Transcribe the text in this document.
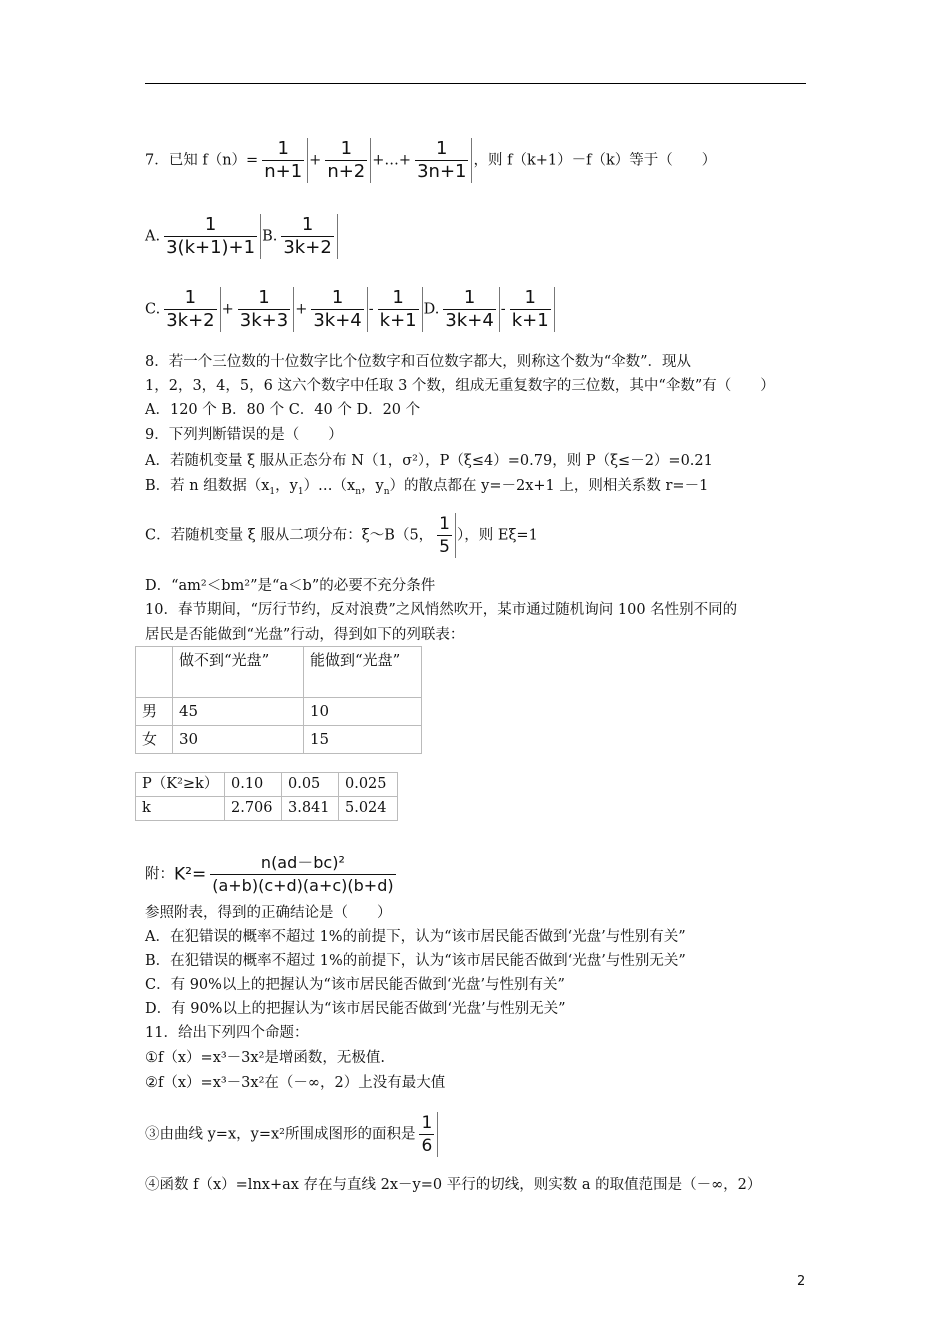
7．已知 $f(n)= \frac{1}{n+1} + \frac{1}{n+2}$ +…+ $\frac{1}{3n+1}$ ，则 f（k+1）－f（k）等于（　　）
A. $\frac{1}{3(k+1)+1} B$. $\frac{1}{3k+2}$
C. $\frac{1}{3k+2} + \frac{1}{3k+3} + \frac{1}{3k+4} - \frac{1}{k+1} D$. $\frac{1}{3k+4} - \frac{1}{k+1}$
8．若一个三位数的十位数字比个位数字和百位数字都大，则称这个数为“伞数”．现从
1，2，3，4，5，6 这六个数字中任取 3 个数，组成无重复数字的三位数，其中“伞数”有（　　）
A．120 个 B．80 个 C．40 个 D．20 个
9．下列判断错误的是（　　）
A．若随机变量 ξ 服从正态分布 N（1，σ²），P（ξ≤4）=0.79，则 P（ξ≤－2）=0.21
B．若 n 组数据（$x_1$，$y_1)\dots(x_n$，$y_n$）的散点都在 y=－2x+1 上，则相关系数 r=－1
C．若随机变量 ξ 服从二项分布：ξ～B（5， $\frac{1}{5}$ ），则 Eξ=1
D．“am²＜bm²”是“a＜b”的必要不充分条件
10．春节期间，“厉行节约，反对浪费”之风悄然吹开，某市通过随机询问 100 名性别不同的
居民是否能做到“光盘”行动，得到如下的列联表：
	做不到“光盘”	能做到“光盘”
男	45	10
女	30	15
P（K²≥k）	0.10	0.05	0.025
k	2.706	3.841	5.024
附：$K^2= \frac{\text{n(ad－bc)²}}{(a+b)(c+d)(a+c)(b+d)}$
参照附表，得到的正确结论是（　　）
A．在犯错误的概率不超过 1%的前提下，认为“该市居民能否做到‘光盘’与性别有关”
B．在犯错误的概率不超过 1%的前提下，认为“该市居民能否做到‘光盘’与性别无关”
C．有 90%以上的把握认为“该市居民能否做到‘光盘’与性别有关”
D．有 90%以上的把握认为“该市居民能否做到‘光盘’与性别无关”
11．给出下列四个命题：
①f（x）=x³－3x²是增函数，无极值.
②f（x）=x³－3x²在（－∞，2）上没有最大值
③由曲线 y=x，y=x²所围成图形的面积是 $\frac{1}{6}$
④函数 f（x）=lnx+ax 存在与直线 2x－y=0 平行的切线，则实数 a 的取值范围是（－∞，2）
2
